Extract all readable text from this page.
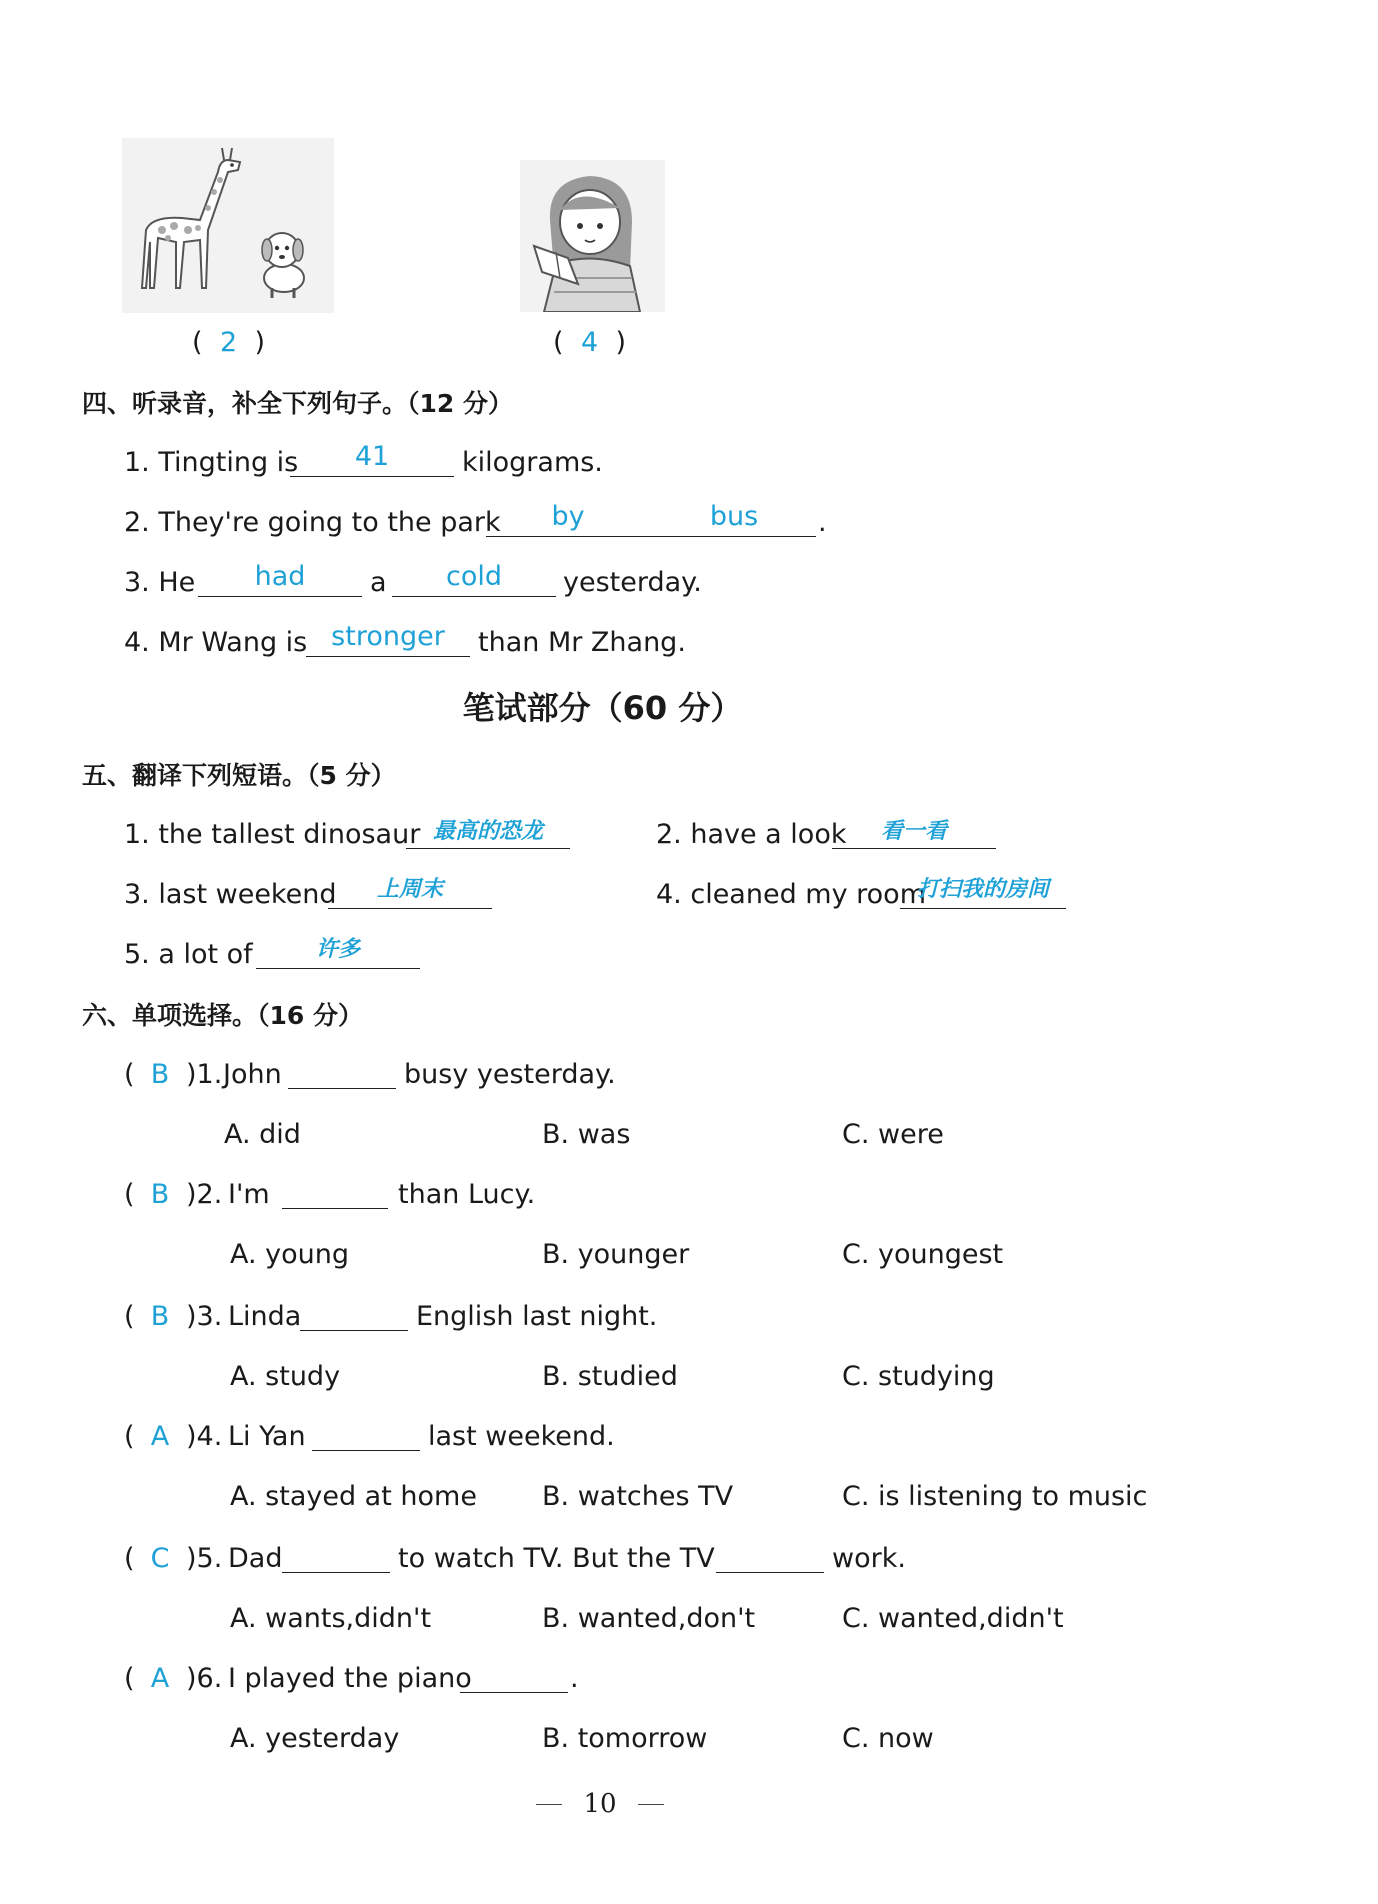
( 2 )	( 4 )
四、听录音，补全下列句子。（12 分）
1. Tingting is	41	kilograms.
2. They're going to the park	by	bus	.
3. He	had	a	cold	yesterday.
4. Mr Wang is stronger	than Mr Zhang.
笔试部分（60 分）
五、翻译下列短语。（5 分）
1. the tallest dinosaur 最高的恐龙	2. have a look	看一看
3. last weekend	上周末	4. cleaned my room
打扫我的房间
5. a lot of	许多
六、单项选择。（16 分）
( B )1. John	busy yesterday.
A. did	B. was	C. were
( B )2. I'm	than Lucy.
A. young	B. younger	C. youngest
( B )3. Linda	English last night.
A. study	B. studied	C. studying
( A )4. Li Yan	last weekend.
A. stayed at home B. watches TV	C. is listening to music
( C )5. Dad	to watch TV. But the TV	work.
A. wants,didn't	B. wanted,don't	C. wanted,didn't
( A )6. I played the piano	.
A. yesterday	B. tomorrow	C. now
10
